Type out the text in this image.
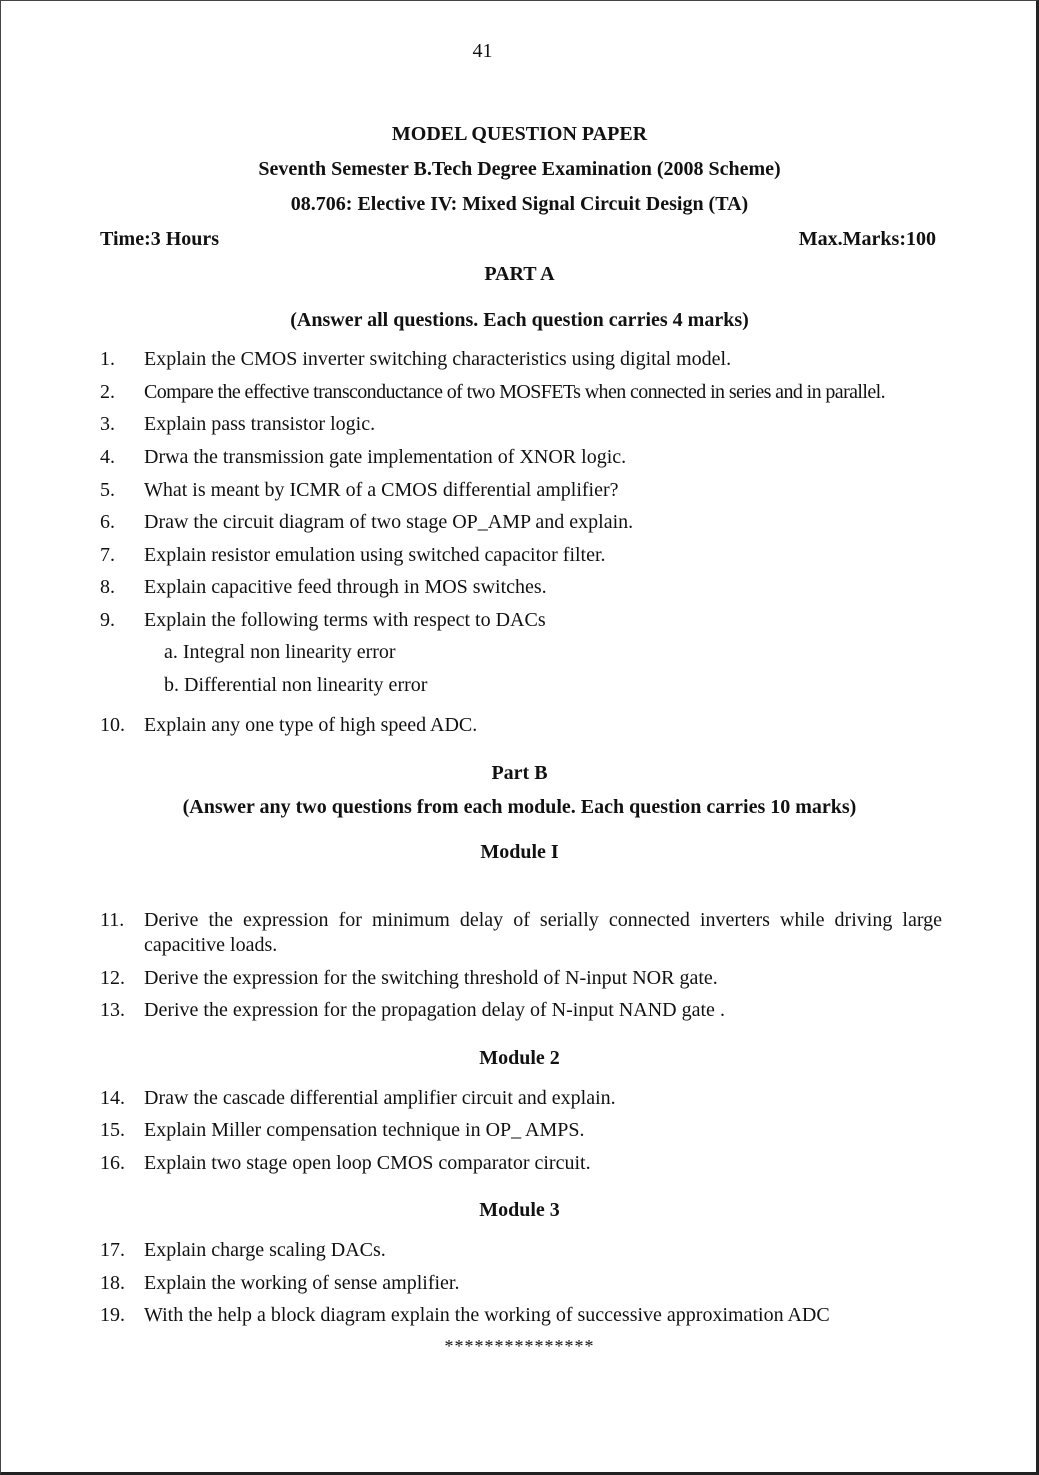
41
MODEL QUESTION PAPER
Seventh Semester B.Tech Degree Examination (2008 Scheme)
08.706: Elective IV: Mixed Signal Circuit Design (TA)
Time:3 Hours	Max.Marks:100
PART A
(Answer all questions. Each question carries 4 marks)
1. Explain the CMOS inverter switching characteristics using digital model.
2. Compare the effective transconductance of two MOSFETs when connected in series and in parallel.
3. Explain pass transistor logic.
4. Drwa the transmission gate implementation of XNOR logic.
5. What is meant by ICMR of a CMOS differential amplifier?
6. Draw the circuit diagram of two stage OP_AMP and explain.
7. Explain resistor emulation using switched capacitor filter.
8. Explain capacitive feed through in MOS switches.
9. Explain the following terms with respect to DACs
a. Integral non linearity error
b. Differential non linearity error
10. Explain any one type of high speed ADC.
Part B
(Answer any two questions from each module. Each question carries 10 marks)
Module I
11. Derive the expression for minimum delay of serially connected inverters while driving large capacitive loads.
12. Derive the expression for the switching threshold of N-input NOR gate.
13. Derive the expression for the propagation delay of N-input NAND gate .
Module 2
14. Draw the cascade differential amplifier circuit and explain.
15. Explain Miller compensation technique in OP_ AMPS.
16. Explain two stage open loop CMOS comparator circuit.
Module 3
17. Explain charge scaling DACs.
18. Explain the working of sense amplifier.
19. With the help a block diagram explain the working of successive approximation ADC
***************
